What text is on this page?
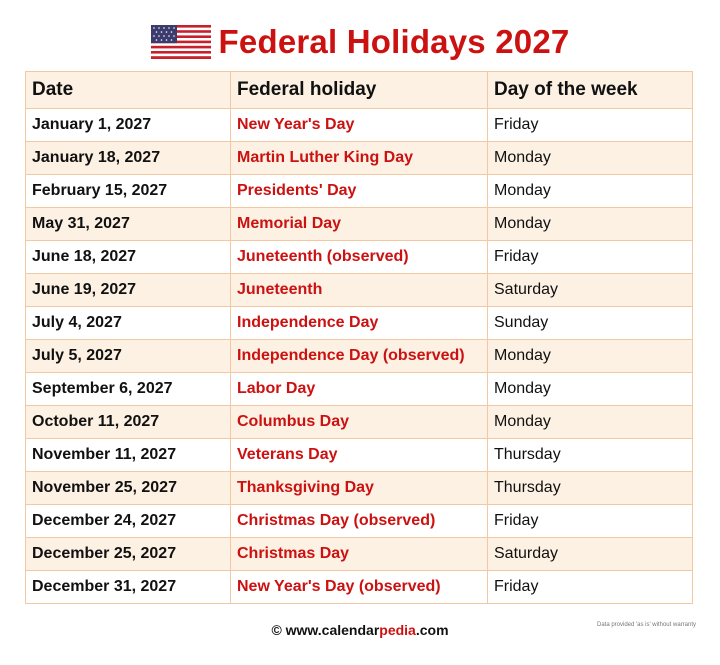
Federal Holidays 2027
Date	Federal holiday	Day of the week
January 1, 2027	New Year's Day	Friday
January 18, 2027	Martin Luther King Day	Monday
February 15, 2027	Presidents' Day	Monday
May 31, 2027	Memorial Day	Monday
June 18, 2027	Juneteenth (observed)	Friday
June 19, 2027	Juneteenth	Saturday
July 4, 2027	Independence Day	Sunday
July 5, 2027	Independence Day (observed)	Monday
September 6, 2027	Labor Day	Monday
October 11, 2027	Columbus Day	Monday
November 11, 2027	Veterans Day	Thursday
November 25, 2027	Thanksgiving Day	Thursday
December 24, 2027	Christmas Day (observed)	Friday
December 25, 2027	Christmas Day	Saturday
December 31, 2027	New Year's Day (observed)	Friday
© www.calendarpedia.com	Data provided 'as is' without warranty
